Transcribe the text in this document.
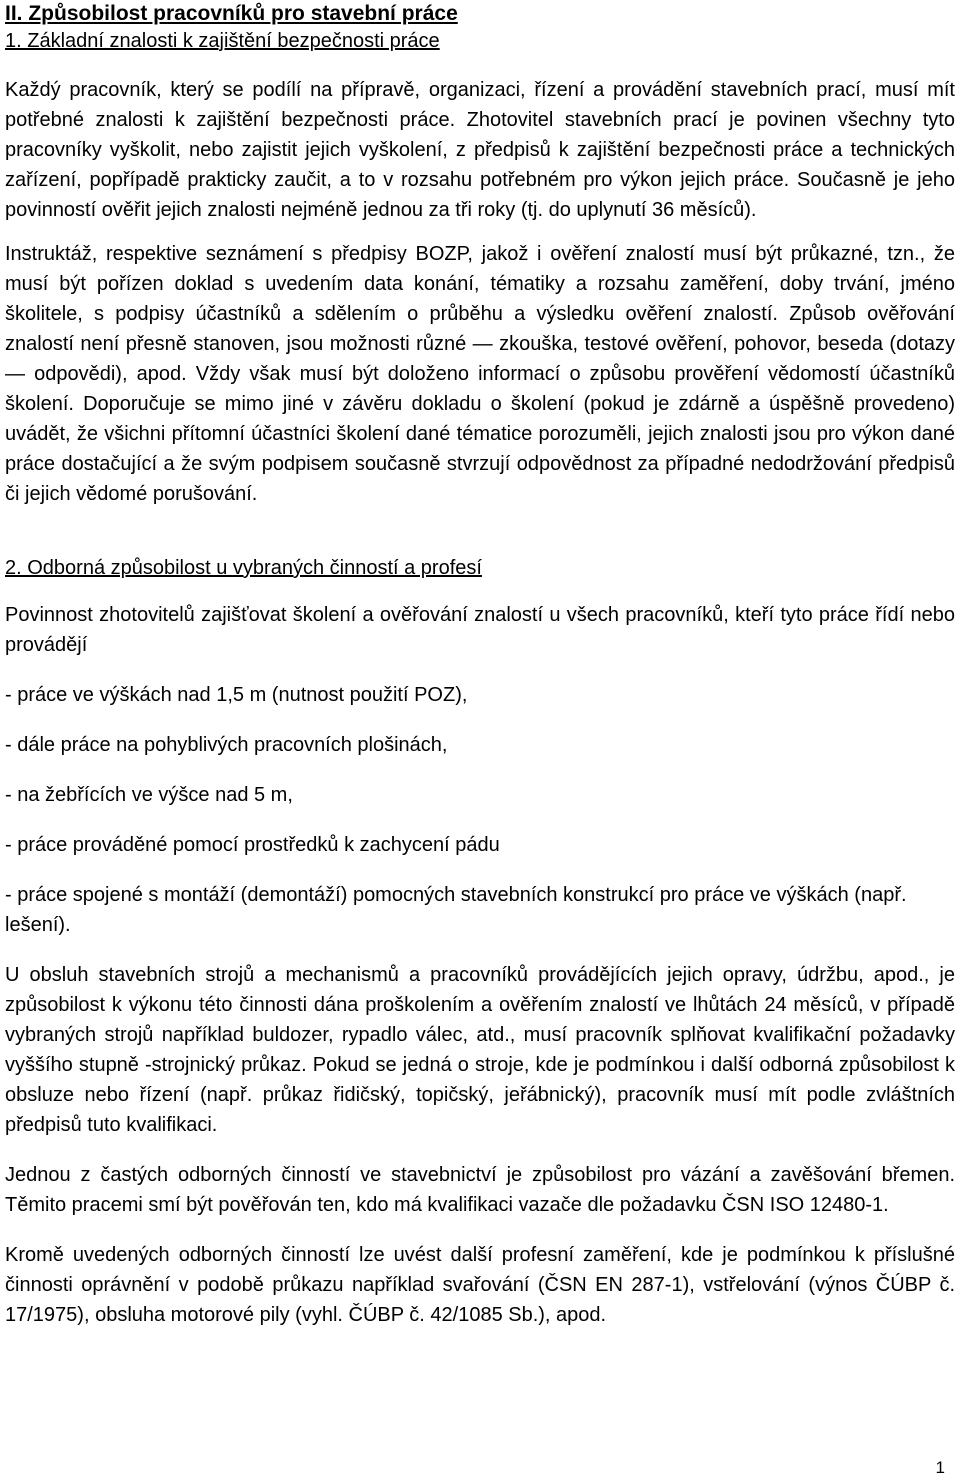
II. Způsobilost pracovníků pro stavební práce
1. Základní znalosti k zajištění bezpečnosti práce

Každý pracovník, který se podílí na přípravě, organizaci, řízení a provádění stavebních prací, musí mít potřebné znalosti k zajištění bezpečnosti práce. Zhotovitel stavebních prací je povinen všechny tyto pracovníky vyškolit, nebo zajistit jejich vyškolení, z předpisů k zajištění bezpečnosti práce a technických zařízení, popřípadě prakticky zaučit, a to v rozsahu potřebném pro výkon jejich práce. Současně je jeho povinností ověřit jejich znalosti nejméně jednou za tři roky (tj. do uplynutí 36 měsíců).

Instruktáž, respektive seznámení s předpisy BOZP, jakož i ověření znalostí musí být průkazné, tzn., že musí být pořízen doklad s uvedením data konání, tématiky a rozsahu zaměření, doby trvání, jméno školitele, s podpisy účastníků a sdělením o průběhu a výsledku ověření znalostí. Způsob ověřování znalostí není přesně stanoven, jsou možnosti různé — zkouška, testové ověření, pohovor, beseda (dotazy — odpovědi), apod. Vždy však musí být doloženo informací o způsobu prověření vědomostí účastníků školení. Doporučuje se mimo jiné v závěru dokladu o školení (pokud je zdárně a úspěšně provedeno) uvádět, že všichni přítomní účastníci školení dané tématice porozuměli, jejich znalosti jsou pro výkon dané práce dostačující a že svým podpisem současně stvrzují odpovědnost za případné nedodržování předpisů či jejich vědomé porušování.

2. Odborná způsobilost u vybraných činností a profesí

Povinnost zhotovitelů zajišťovat školení a ověřování znalostí u všech pracovníků, kteří tyto práce řídí nebo provádějí

- práce ve výškách nad 1,5 m (nutnost použití POZ),

- dále práce na pohyblivých pracovních plošinách,

- na žebřících ve výšce nad 5 m,

- práce prováděné pomocí prostředků k zachycení pádu

- práce spojené s montáží (demontáží) pomocných stavebních konstrukcí pro práce ve výškách (např. lešení).

U obsluh stavebních strojů a mechanismů a pracovníků provádějících jejich opravy, údržbu, apod., je způsobilost k výkonu této činnosti dána proškolením a ověřením znalostí ve lhůtách 24 měsíců, v případě vybraných strojů například buldozer, rypadlo válec, atd., musí pracovník splňovat kvalifikační požadavky vyššího stupně -strojnický průkaz. Pokud se jedná o stroje, kde je podmínkou i další odborná způsobilost k obsluze nebo řízení (např. průkaz řidičský, topičský, jeřábnický), pracovník musí mít podle zvláštních předpisů tuto kvalifikaci.

Jednou z častých odborných činností ve stavebnictví je způsobilost pro vázání a zavěšování břemen. Těmito pracemi smí být pověřován ten, kdo má kvalifikaci vazače dle požadavku ČSN ISO 12480-1.

Kromě uvedených odborných činností lze uvést další profesní zaměření, kde je podmínkou k příslušné činnosti oprávnění v podobě průkazu například svařování (ČSN EN 287-1), vstřelování (výnos ČÚBP č. 17/1975), obsluha motorové pily (vyhl. ČÚBP č. 42/1085 Sb.), apod.

1
